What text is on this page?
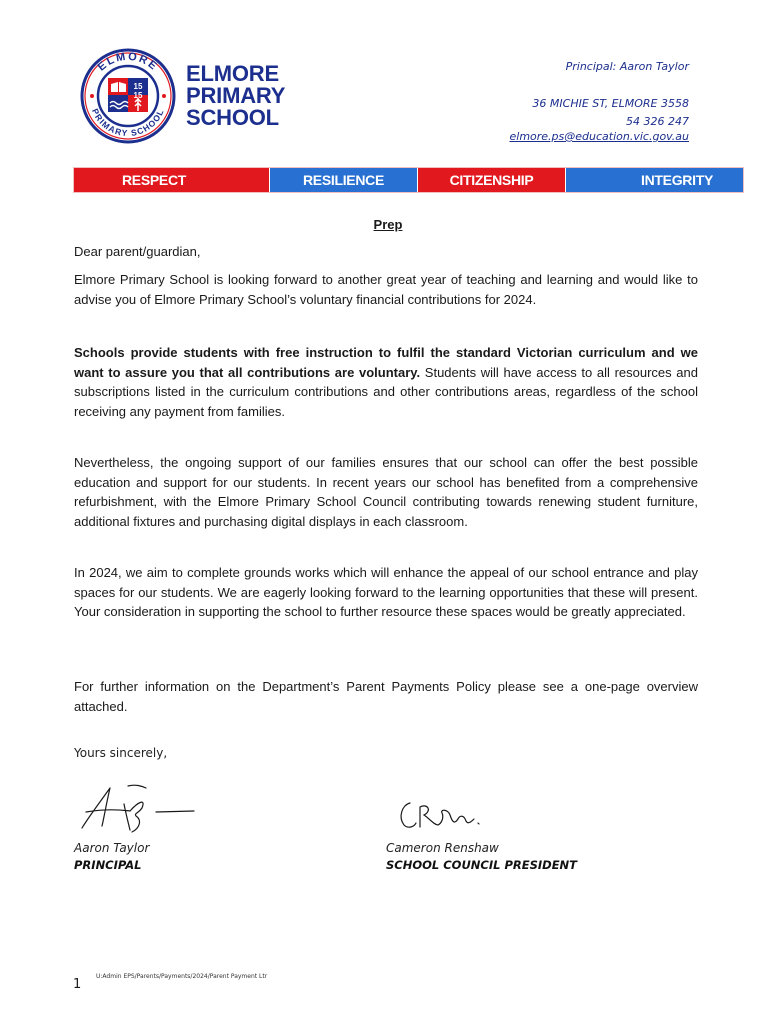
ELMORE
PRIMARY SCHOOL
15
15
ELMORE
PRIMARY
SCHOOL
Principal: Aaron Taylor
36 MICHIE ST, ELMORE 3558
54 326 247
elmore.ps@education.vic.gov.au
RESPECT	RESILIENCE	CITIZENSHIP	INTEGRITY
Prep
Dear parent/guardian,
Elmore Primary School is looking forward to another great year of teaching and learning and would like to advise you of Elmore Primary School’s voluntary financial contributions for 2024.
Schools provide students with free instruction to fulfil the standard Victorian curriculum and we want to assure you that all contributions are voluntary. Students will have access to all resources and subscriptions listed in the curriculum contributions and other contributions areas, regardless of the school receiving any payment from families.
Nevertheless, the ongoing support of our families ensures that our school can offer the best possible education and support for our students. In recent years our school has benefited from a comprehensive refurbishment, with the Elmore Primary School Council contributing towards renewing student furniture, additional fixtures and purchasing digital displays in each classroom.
In 2024, we aim to complete grounds works which will enhance the appeal of our school entrance and play spaces for our students. We are eagerly looking forward to the learning opportunities that these will present. Your consideration in supporting the school to further resource these spaces would be greatly appreciated.
For further information on the Department’s Parent Payments Policy please see a one-page overview attached.
Yours sincerely,
Aaron Taylor
PRINCIPAL
Cameron Renshaw
SCHOOL COUNCIL PRESIDENT
1
U:Admin EPS/Parents/Payments/2024/Parent Payment Ltr
